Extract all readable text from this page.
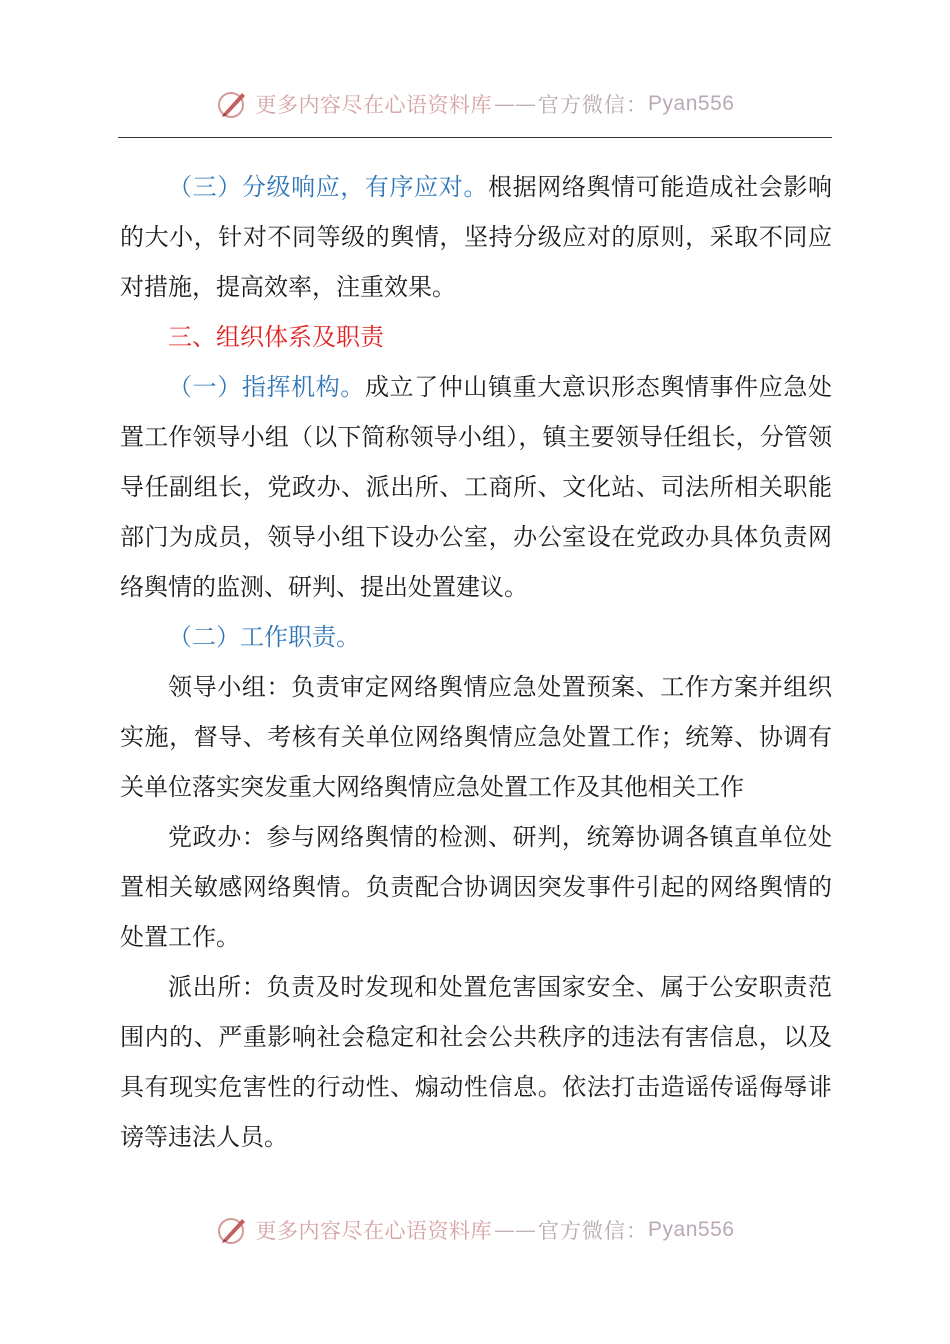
更多内容尽在心语资料库 —— 官方微信： Pyan556

（三）分级响应，有序应对。根据网络舆情可能造成社会影响的大小，针对不同等级的舆情，坚持分级应对的原则，采取不同应对措施，提高效率，注重效果。

三、组织体系及职责

（一）指挥机构。成立了仲山镇重大意识形态舆情事件应急处置工作领导小组（以下简称领导小组），镇主要领导任组长，分管领导任副组长，党政办、派出所、工商所、文化站、司法所相关职能部门为成员，领导小组下设办公室，办公室设在党政办具体负责网络舆情的监测、研判、提出处置建议。

（二）工作职责。

领导小组：负责审定网络舆情应急处置预案、工作方案并组织实施，督导、考核有关单位网络舆情应急处置工作；统筹、协调有关单位落实突发重大网络舆情应急处置工作及其他相关工作

党政办：参与网络舆情的检测、研判，统筹协调各镇直单位处置相关敏感网络舆情。负责配合协调因突发事件引起的网络舆情的处置工作。

派出所：负责及时发现和处置危害国家安全、属于公安职责范围内的、严重影响社会稳定和社会公共秩序的违法有害信息，以及具有现实危害性的行动性、煽动性信息。依法打击造谣传谣侮辱诽谤等违法人员。

更多内容尽在心语资料库 —— 官方微信： Pyan556
